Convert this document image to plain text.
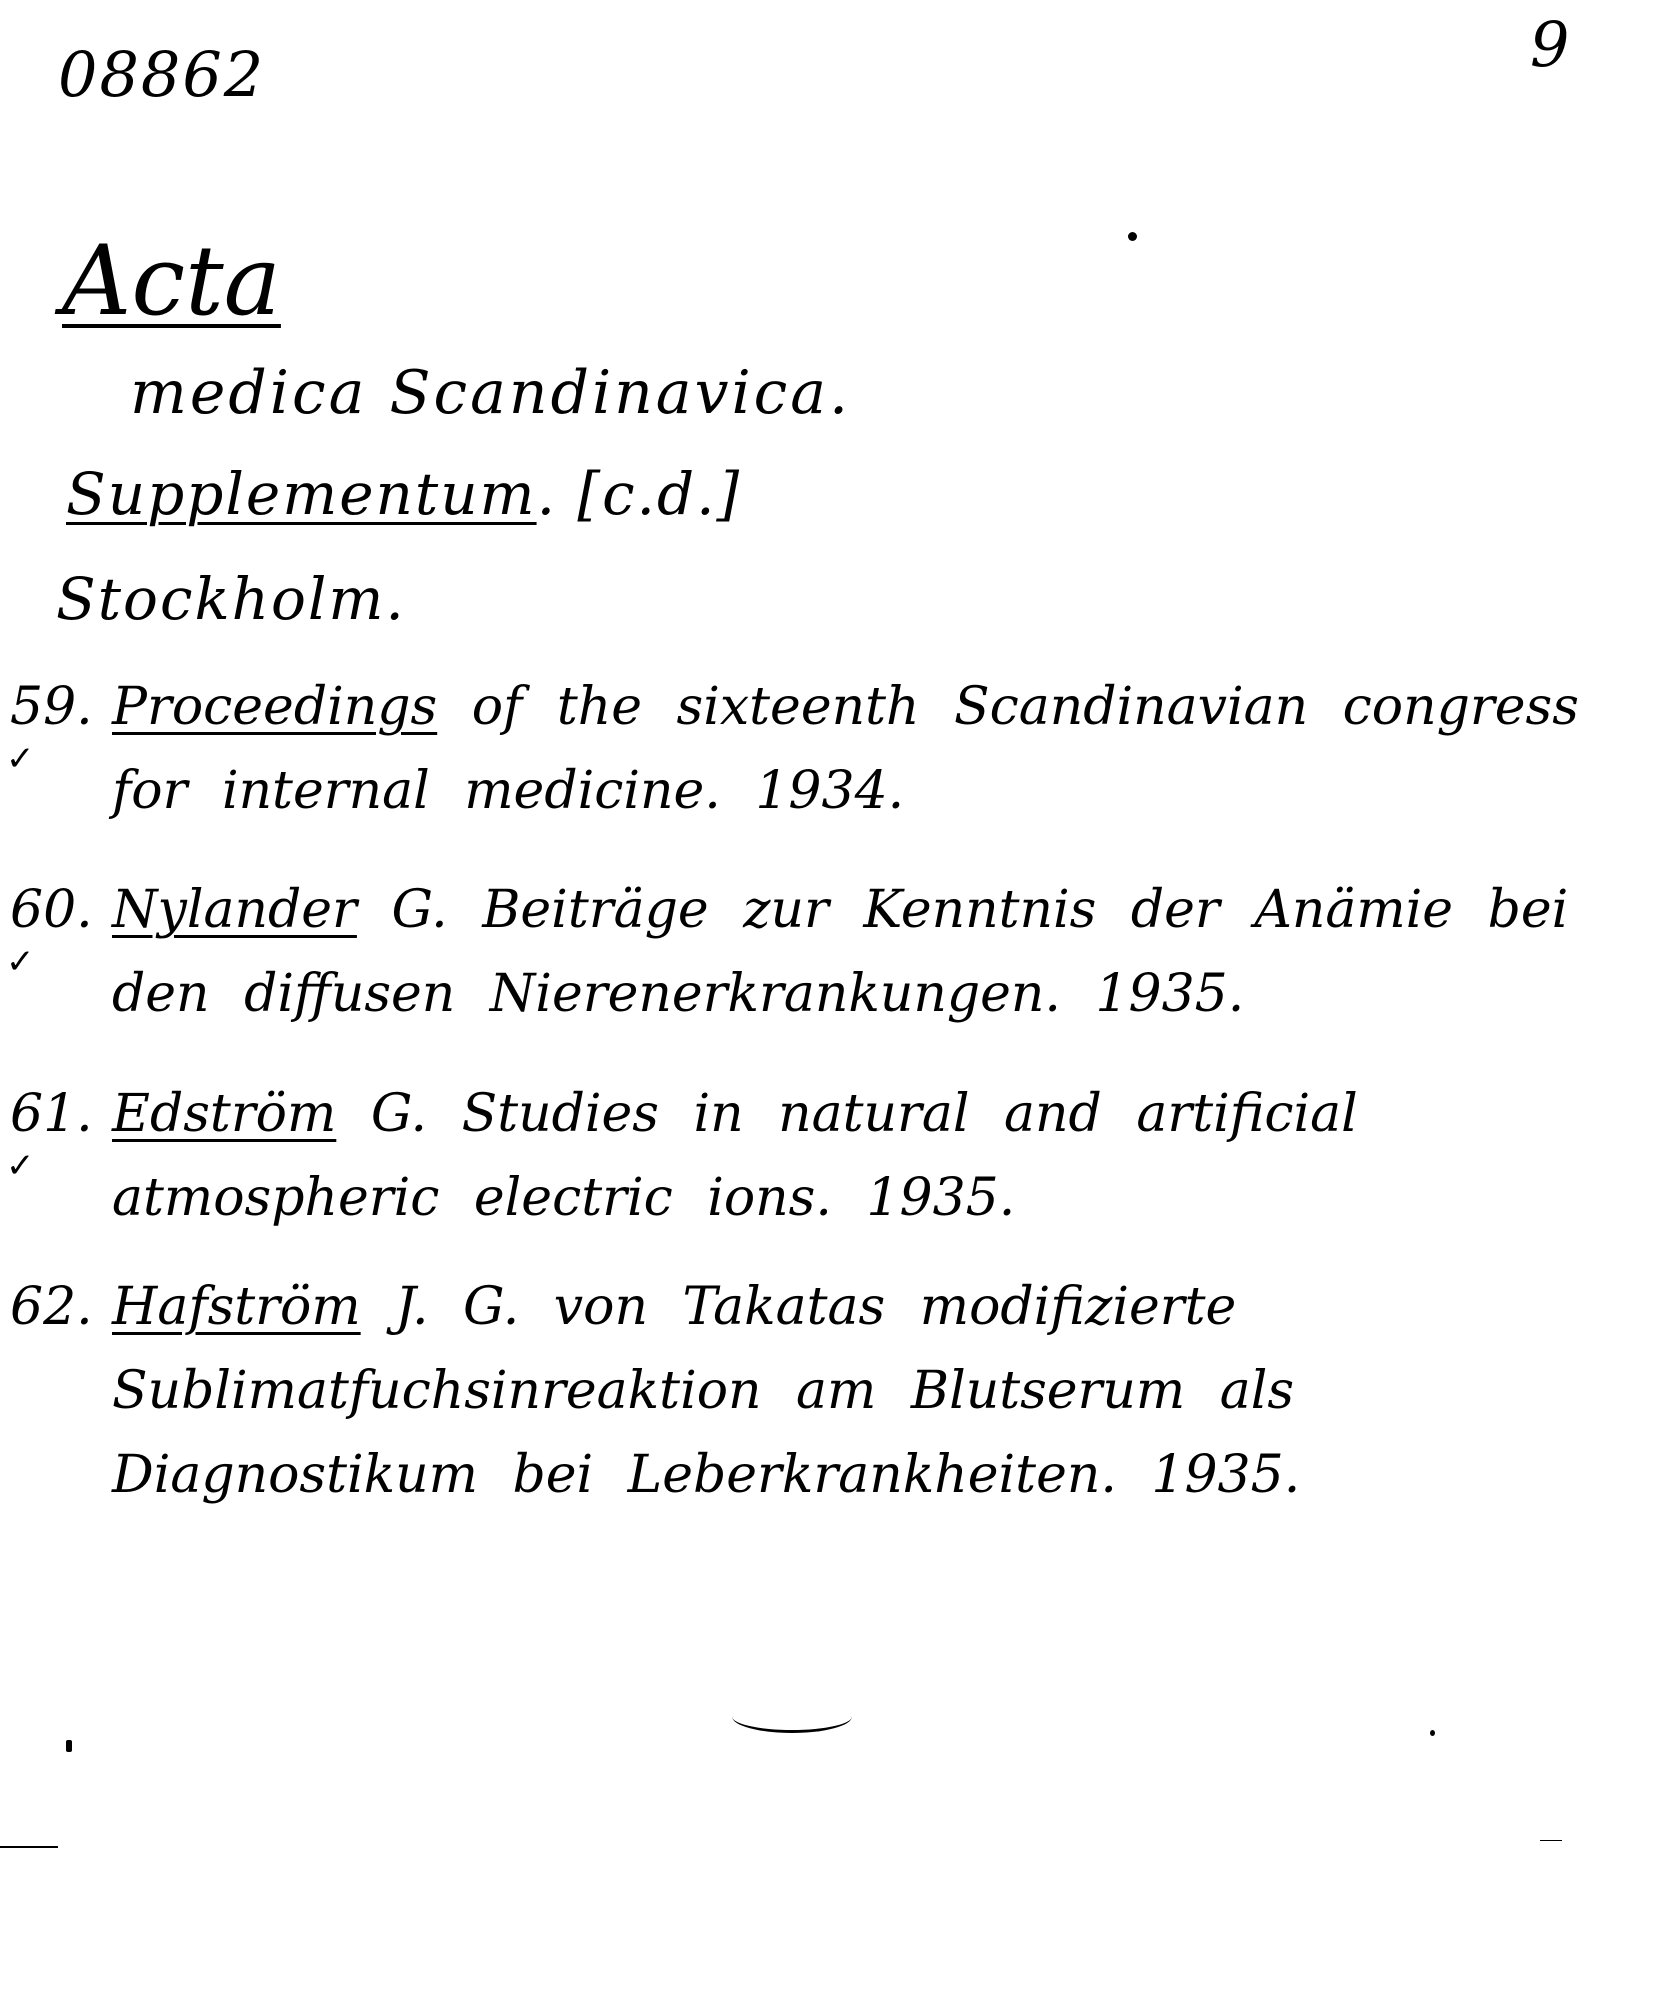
08862	9
Acta
medica Scandinavica.
Supplementum. [c.d.]
Stockholm.
59.
✓
Proceedings of the sixteenth Scandinavian congress for internal medicine. 1934.
60.
✓
Nylander G. Beiträge zur Kenntnis der Anämie bei den diffusen Nierenerkrankungen. 1935.
61.
✓
Edström G. Studies in natural and artificial atmospheric electric ions. 1935.
62. Hafström J. G. von Takatas modifizierte Sublimatfuchsinreaktion am Blutserum als Diagnostikum bei Leberkrankheiten. 1935.
